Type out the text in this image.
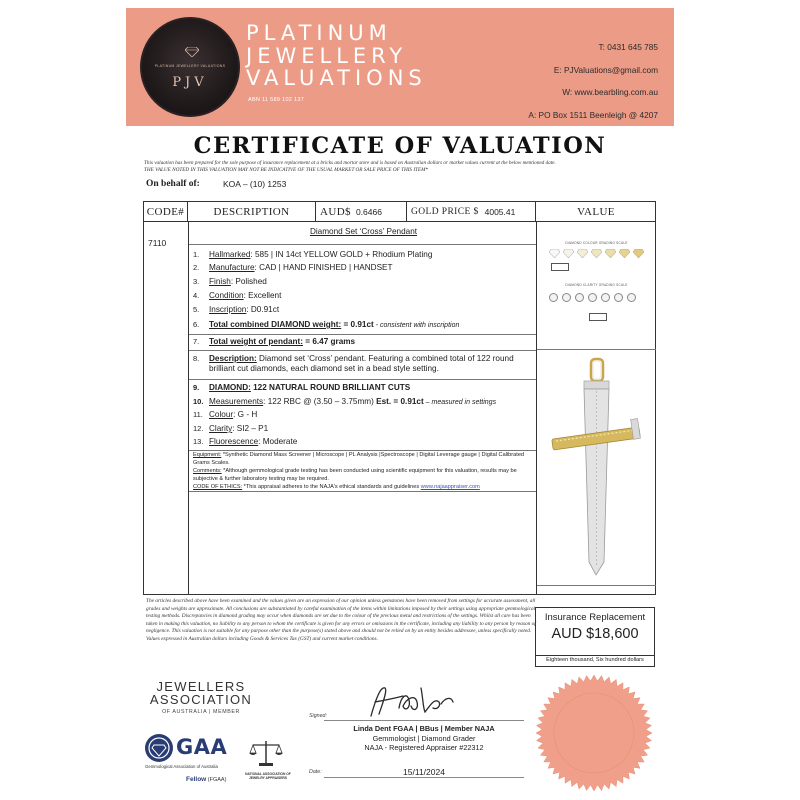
PLATINUM JEWELLERY VALUATIONS
PJV
PLATINUM
JEWELLERY
VALUATIONS
ABN 11 589 102 137
T: 0431 645 785
E: PJValuations@gmail.com
W: www.bearbling.com.au
A: PO Box 1511 Beenleigh @ 4207
CERTIFICATE OF VALUATION
This valuation has been prepared for the sole purpose of insurance replacement at a bricks and mortar store and is based on Australian dollars or market values current at the below mentioned date.
THE VALUE NOTED IN THIS VALUATION MAY NOT BE INDICATIVE OF THE USUAL MARKET OR SALE PRICE OF THIS ITEM*
On behalf of:	KOA – (10) 1253
CODE#	DESCRIPTION	AUD$ 0.6466	GOLD PRICE $ 4005.41	VALUE
7110
Diamond Set ‘Cross’ Pendant
1. Hallmarked: 585 | IN 14ct YELLOW GOLD + Rhodium Plating
2. Manufacture: CAD | HAND FINISHED | HANDSET
3. Finish: Polished
4. Condition: Excellent
5. Inscription: D0.91ct
6. Total combined DIAMOND weight: = 0.91ct - consistent with inscription
7. Total weight of pendant: = 6.47 grams
8. Description: Diamond set ‘Cross’ pendant. Featuring a combined total of 122 round brilliant cut diamonds, each diamond set in a bead style setting.
9. DIAMOND: 122 NATURAL ROUND BRILLIANT CUTS
10. Measurements: 122 RBC @ (3.50 – 3.75mm) Est. = 0.91ct – measured in settings
11. Colour: G - H
12. Clarity: SI2 – P1
13. Fluorescence: Moderate
Equipment: *Synthetic Diamond Mass Screener | Microscope | PL Analysis |Spectroscope | Digital Leverage gauge | Digital Calibrated Grams Scales.
Comments: *Although gemmological grade testing has been conducted using scientific equipment for this valuation, results may be subjective & further laboratory testing may be required.
CODE OF ETHICS: *This appraisal adheres to the NAJA's ethical standards and guidelines www.najaappraiser.com
DIAMOND COLOUR GRADING SCALE
DIAMOND CLARITY GRADING SCALE
The articles described above have been examined and the values given are an expression of our opinion unless gemstones have been removed from settings for accurate assessment, all grades and weights are approximate. All conclusions are substantiated by careful examination of the items within limitations imposed by their settings using appropriate gemmological testing methods. Discrepancies in diamond grading may occur when diamonds are set due to the colour of the precious metal and restrictions of the settings. Whilst all care has been taken in making this valuation, no liability to any person to whom the certificate is given for any errors or omissions in the certificate, including any liability to any person by reason of negligence. This valuation is not suitable for any purpose other than the purpose(s) stated above and should not be relied on by an entity besides addressee, unless specifically noted. Values expressed in Australian dollars including Goods & Services Tax (GST) and current market conditions.
Insurance Replacement
AUD $18,600
Eighteen thousand, Six hundred dollars
JEWELLERS
ASSOCIATION
OF AUSTRALIA | MEMBER
GAA
Gemmological Association of Australia
Fellow (FGAA)
NATIONAL ASSOCIATION OF JEWELRY APPRAISERS
Signed:
Linda Dent FGAA | BBus | Member NAJA
Gemmologist | Diamond Grader
NAJA - Registered Appraiser #22312
Date:	15/11/2024
